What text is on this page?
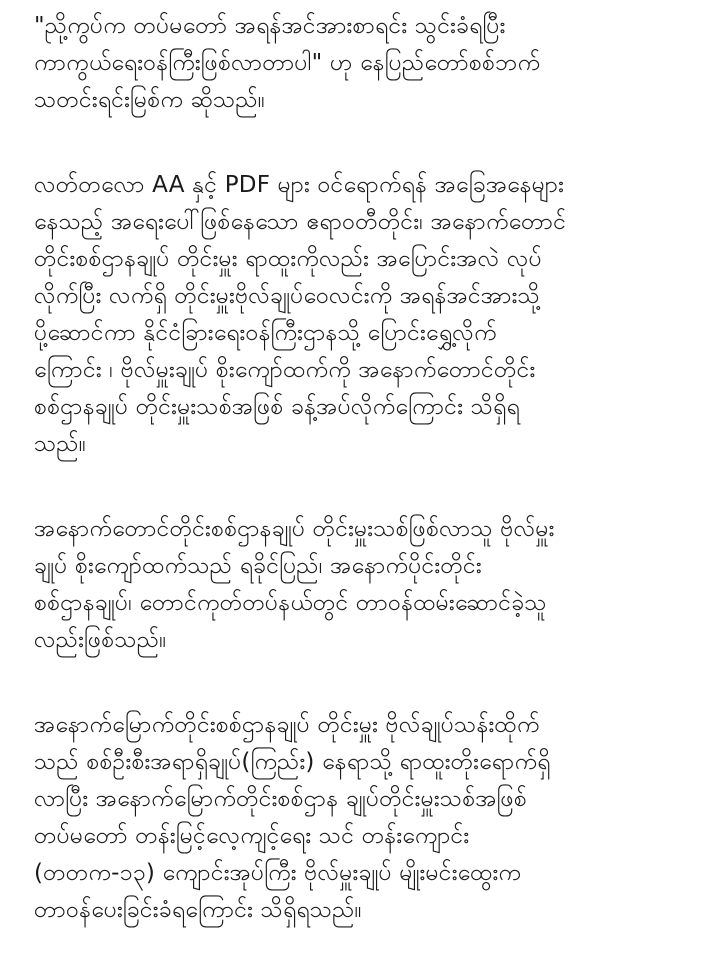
"ညို့ကွပ်က တပ်မတော် အရန်အင်အားစာရင်း သွင်းခံရပြီး
ကာကွယ်ရေးဝန်ကြီးဖြစ်လာတာပါ" ဟု နေပြည်တော်စစ်ဘက်
သတင်းရင်းမြစ်က ဆိုသည်။
လတ်တလော AA နှင့် PDF များ ဝင်ရောက်ရန် အခြေအနေများ
နေသည့် အရေးပေါ်ဖြစ်နေသော ဧရာဝတီတိုင်း၊ အနောက်တောင်
တိုင်းစစ်ဌာနချုပ် တိုင်းမှူး ရာထူးကိုလည်း အပြောင်းအလဲ လုပ်
လိုက်ပြီး လက်ရှိ တိုင်းမှူးဗိုလ်ချုပ်ဝေလင်းကို အရန်အင်အားသို့
ပို့ဆောင်ကာ နိုင်ငံခြားရေးဝန်ကြီးဌာနသို့ ပြောင်းရွှေ့လိုက်
ကြောင်း ၊ ဗိုလ်မှူးချုပ် စိုးကျော်ထက်ကို အနောက်တောင်တိုင်း
စစ်ဌာနချုပ် တိုင်းမှူးသစ်အဖြစ် ခန့်အပ်လိုက်ကြောင်း သိရှိရ
သည်။
အနောက်တောင်တိုင်းစစ်ဌာနချုပ် တိုင်းမှူးသစ်ဖြစ်လာသူ ဗိုလ်မှူး
ချုပ် စိုးကျော်ထက်သည် ရခိုင်ပြည်၊ အနောက်ပိုင်းတိုင်း
စစ်ဌာနချုပ်၊ တောင်ကုတ်တပ်နယ်တွင် တာဝန်ထမ်းဆောင်ခဲ့သူ
လည်းဖြစ်သည်။
အနောက်မြောက်တိုင်းစစ်ဌာနချုပ် တိုင်းမှူး ဗိုလ်ချုပ်သန်းထိုက်
သည် စစ်ဦးစီးအရာရှိချုပ်(ကြည်း) နေရာသို့ ရာထူးတိုးရောက်ရှိ
လာပြီး အနောက်မြောက်တိုင်းစစ်ဌာန ချုပ်တိုင်းမှူးသစ်အဖြစ်
တပ်မတော် တန်းမြင့်လေ့ကျင့်ရေး သင် တန်းကျောင်း
(တတက-၁၃) ကျောင်းအုပ်ကြီး ဗိုလ်မှူးချုပ် မျိုးမင်းထွေးက
တာဝန်ပေးခြင်းခံရကြောင်း သိရှိရသည်။
